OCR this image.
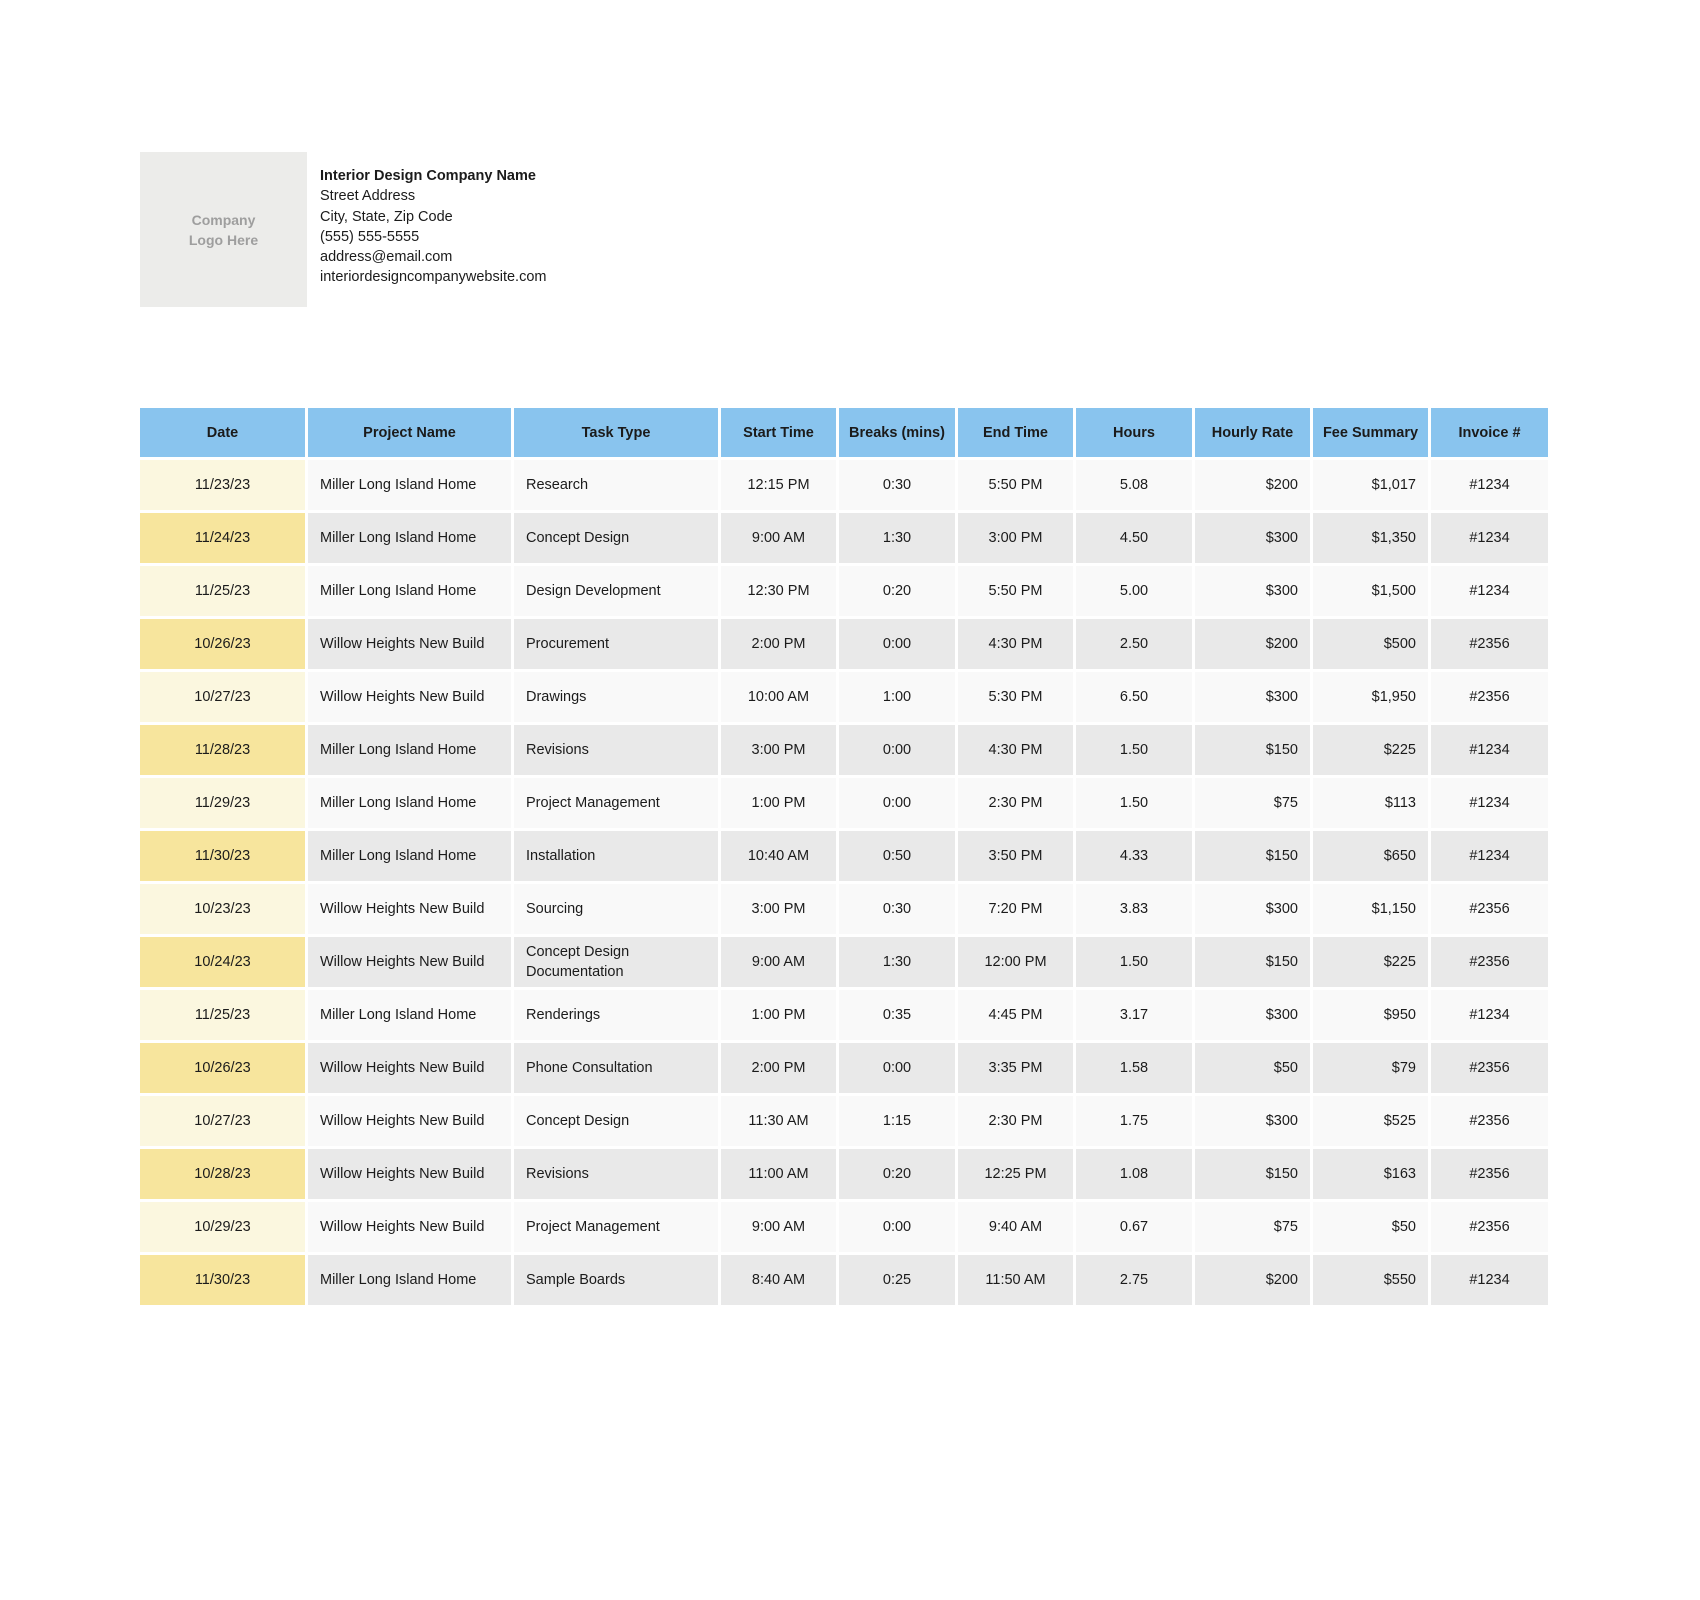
Company
Logo Here
Interior Design Company Name
Street Address
City, State, Zip Code
(555) 555-5555
address@email.com
interiordesigncompanywebsite.com
Date	Project Name	Task Type	Start Time	Breaks (mins)	End Time	Hours	Hourly Rate	Fee Summary	Invoice #
11/23/23	Miller Long Island Home	Research	12:15 PM	0:30	5:50 PM	5.08	$200	$1,017	#1234
11/24/23	Miller Long Island Home	Concept Design	9:00 AM	1:30	3:00 PM	4.50	$300	$1,350	#1234
11/25/23	Miller Long Island Home	Design Development	12:30 PM	0:20	5:50 PM	5.00	$300	$1,500	#1234
10/26/23	Willow Heights New Build	Procurement	2:00 PM	0:00	4:30 PM	2.50	$200	$500	#2356
10/27/23	Willow Heights New Build	Drawings	10:00 AM	1:00	5:30 PM	6.50	$300	$1,950	#2356
11/28/23	Miller Long Island Home	Revisions	3:00 PM	0:00	4:30 PM	1.50	$150	$225	#1234
11/29/23	Miller Long Island Home	Project Management	1:00 PM	0:00	2:30 PM	1.50	$75	$113	#1234
11/30/23	Miller Long Island Home	Installation	10:40 AM	0:50	3:50 PM	4.33	$150	$650	#1234
10/23/23	Willow Heights New Build	Sourcing	3:00 PM	0:30	7:20 PM	3.83	$300	$1,150	#2356
10/24/23	Willow Heights New Build	Concept Design Documentation	9:00 AM	1:30	12:00 PM	1.50	$150	$225	#2356
11/25/23	Miller Long Island Home	Renderings	1:00 PM	0:35	4:45 PM	3.17	$300	$950	#1234
10/26/23	Willow Heights New Build	Phone Consultation	2:00 PM	0:00	3:35 PM	1.58	$50	$79	#2356
10/27/23	Willow Heights New Build	Concept Design	11:30 AM	1:15	2:30 PM	1.75	$300	$525	#2356
10/28/23	Willow Heights New Build	Revisions	11:00 AM	0:20	12:25 PM	1.08	$150	$163	#2356
10/29/23	Willow Heights New Build	Project Management	9:00 AM	0:00	9:40 AM	0.67	$75	$50	#2356
11/30/23	Miller Long Island Home	Sample Boards	8:40 AM	0:25	11:50 AM	2.75	$200	$550	#1234
